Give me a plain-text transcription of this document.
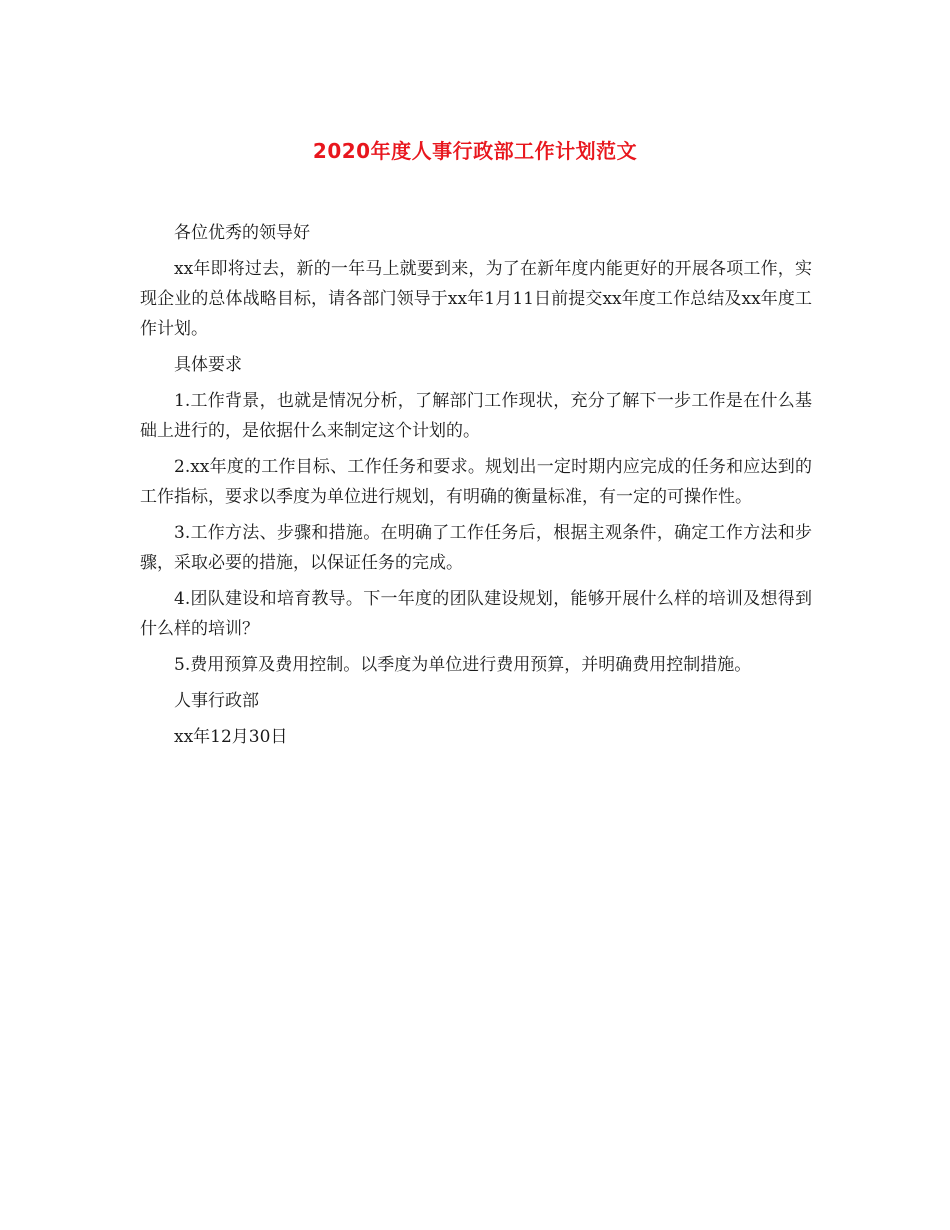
2020年度人事行政部工作计划范文

各位优秀的领导好

xx年即将过去，新的一年马上就要到来，为了在新年度内能更好的开展各项工作，实现企业的总体战略目标，请各部门领导于xx年1月11日前提交xx年度工作总结及xx年度工作计划。

具体要求

1.工作背景，也就是情况分析，了解部门工作现状，充分了解下一步工作是在什么基础上进行的，是依据什么来制定这个计划的。

2.xx年度的工作目标、工作任务和要求。规划出一定时期内应完成的任务和应达到的工作指标，要求以季度为单位进行规划，有明确的衡量标准，有一定的可操作性。

3.工作方法、步骤和措施。在明确了工作任务后，根据主观条件，确定工作方法和步骤，采取必要的措施，以保证任务的完成。

4.团队建设和培育教导。下一年度的团队建设规划，能够开展什么样的培训及想得到什么样的培训？

5.费用预算及费用控制。以季度为单位进行费用预算，并明确费用控制措施。

人事行政部

xx年12月30日
